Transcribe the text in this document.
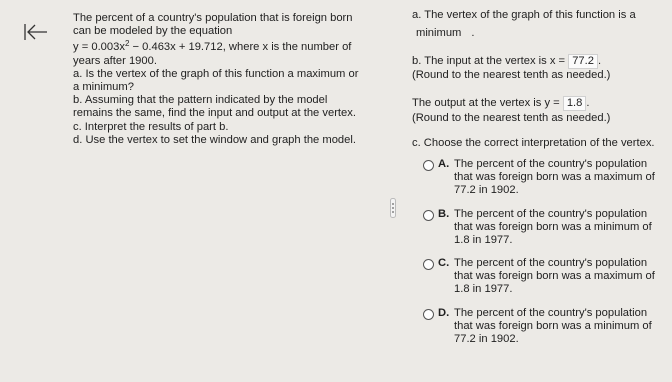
The percent of a country's population that is foreign born
can be modeled by the equation
$y = 0.003x^2 - 0.463x + 19.712$, where x is the number of
years after 1900.
a. Is the vertex of the graph of this function a maximum or
a minimum?
b. Assuming that the pattern indicated by the model
remains the same, find the input and output at the vertex.
c. Interpret the results of part b.
d. Use the vertex to set the window and graph the model.
a. The vertex of the graph of this function is a
minimum .
b. The input at the vertex is x = 77.2 .
(Round to the nearest tenth as needed.)
The output at the vertex is y = 1.8 .
(Round to the nearest tenth as needed.)
c. Choose the correct interpretation of the vertex.
A. The percent of the country's population that was foreign born was a maximum of 77.2 in 1902.
B. The percent of the country's population that was foreign born was a minimum of 1.8 in 1977.
C. The percent of the country's population that was foreign born was a maximum of 1.8 in 1977.
D. The percent of the country's population that was foreign born was a minimum of 77.2 in 1902.
